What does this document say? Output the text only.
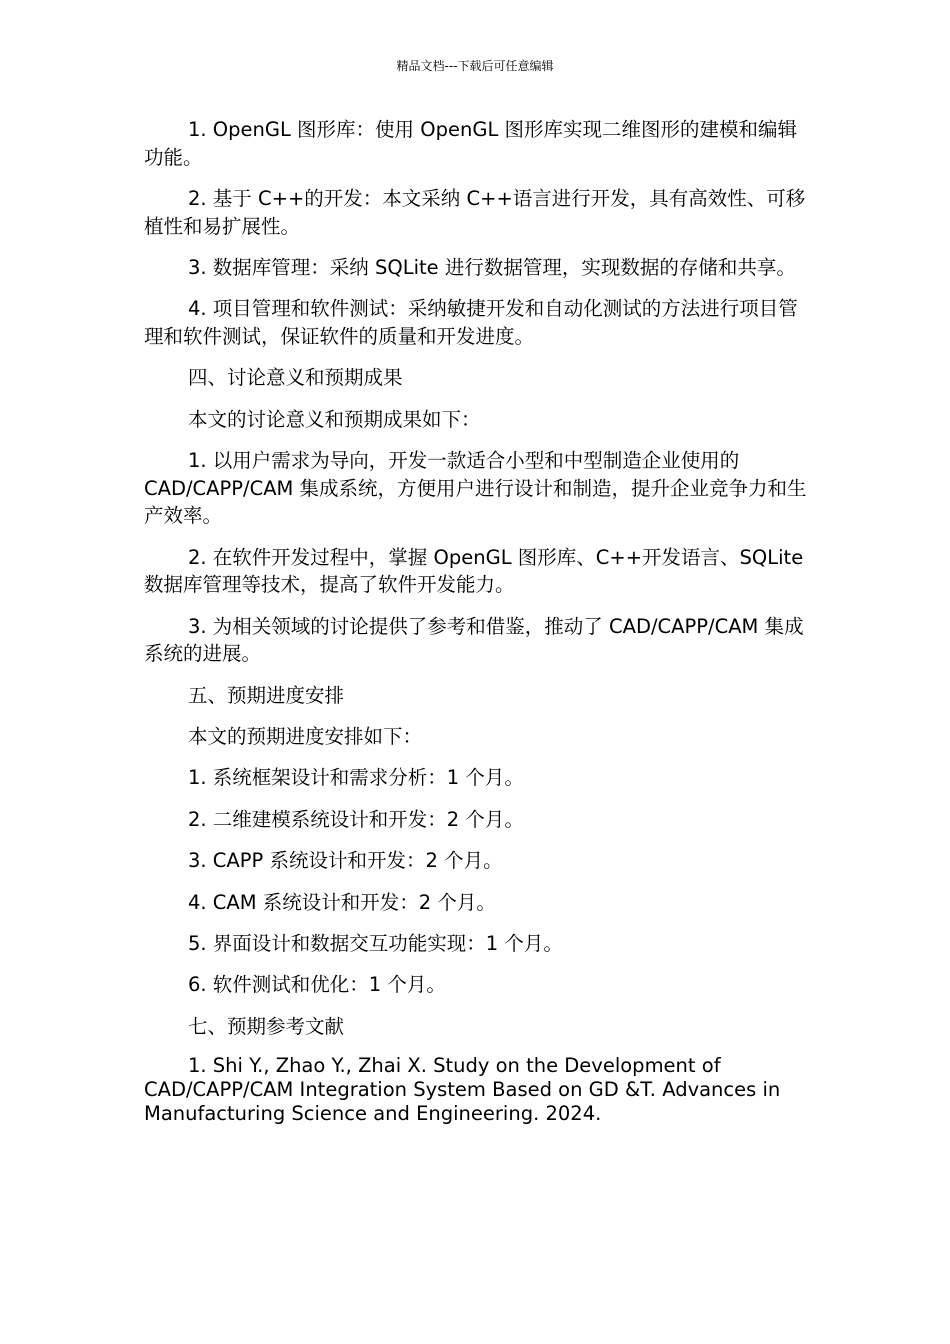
精品文档---下载后可任意编辑

1. OpenGL 图形库：使用 OpenGL 图形库实现二维图形的建模和编辑功能。

2. 基于 C++的开发：本文采纳 C++语言进行开发，具有高效性、可移植性和易扩展性。

3. 数据库管理：采纳 SQLite 进行数据管理，实现数据的存储和共享。

4. 项目管理和软件测试：采纳敏捷开发和自动化测试的方法进行项目管理和软件测试，保证软件的质量和开发进度。

四、讨论意义和预期成果

本文的讨论意义和预期成果如下：

1. 以用户需求为导向，开发一款适合小型和中型制造企业使用的 CAD/CAPP/CAM 集成系统，方便用户进行设计和制造，提升企业竞争力和生产效率。

2. 在软件开发过程中，掌握 OpenGL 图形库、C++开发语言、SQLite 数据库管理等技术，提高了软件开发能力。

3. 为相关领域的讨论提供了参考和借鉴，推动了 CAD/CAPP/CAM 集成系统的进展。

五、预期进度安排

本文的预期进度安排如下：

1. 系统框架设计和需求分析：1 个月。

2. 二维建模系统设计和开发：2 个月。

3. CAPP 系统设计和开发：2 个月。

4. CAM 系统设计和开发：2 个月。

5. 界面设计和数据交互功能实现：1 个月。

6. 软件测试和优化：1 个月。

七、预期参考文献

1. Shi Y., Zhao Y., Zhai X. Study on the Development of CAD/CAPP/CAM Integration System Based on GD &T. Advances in Manufacturing Science and Engineering. 2024.
